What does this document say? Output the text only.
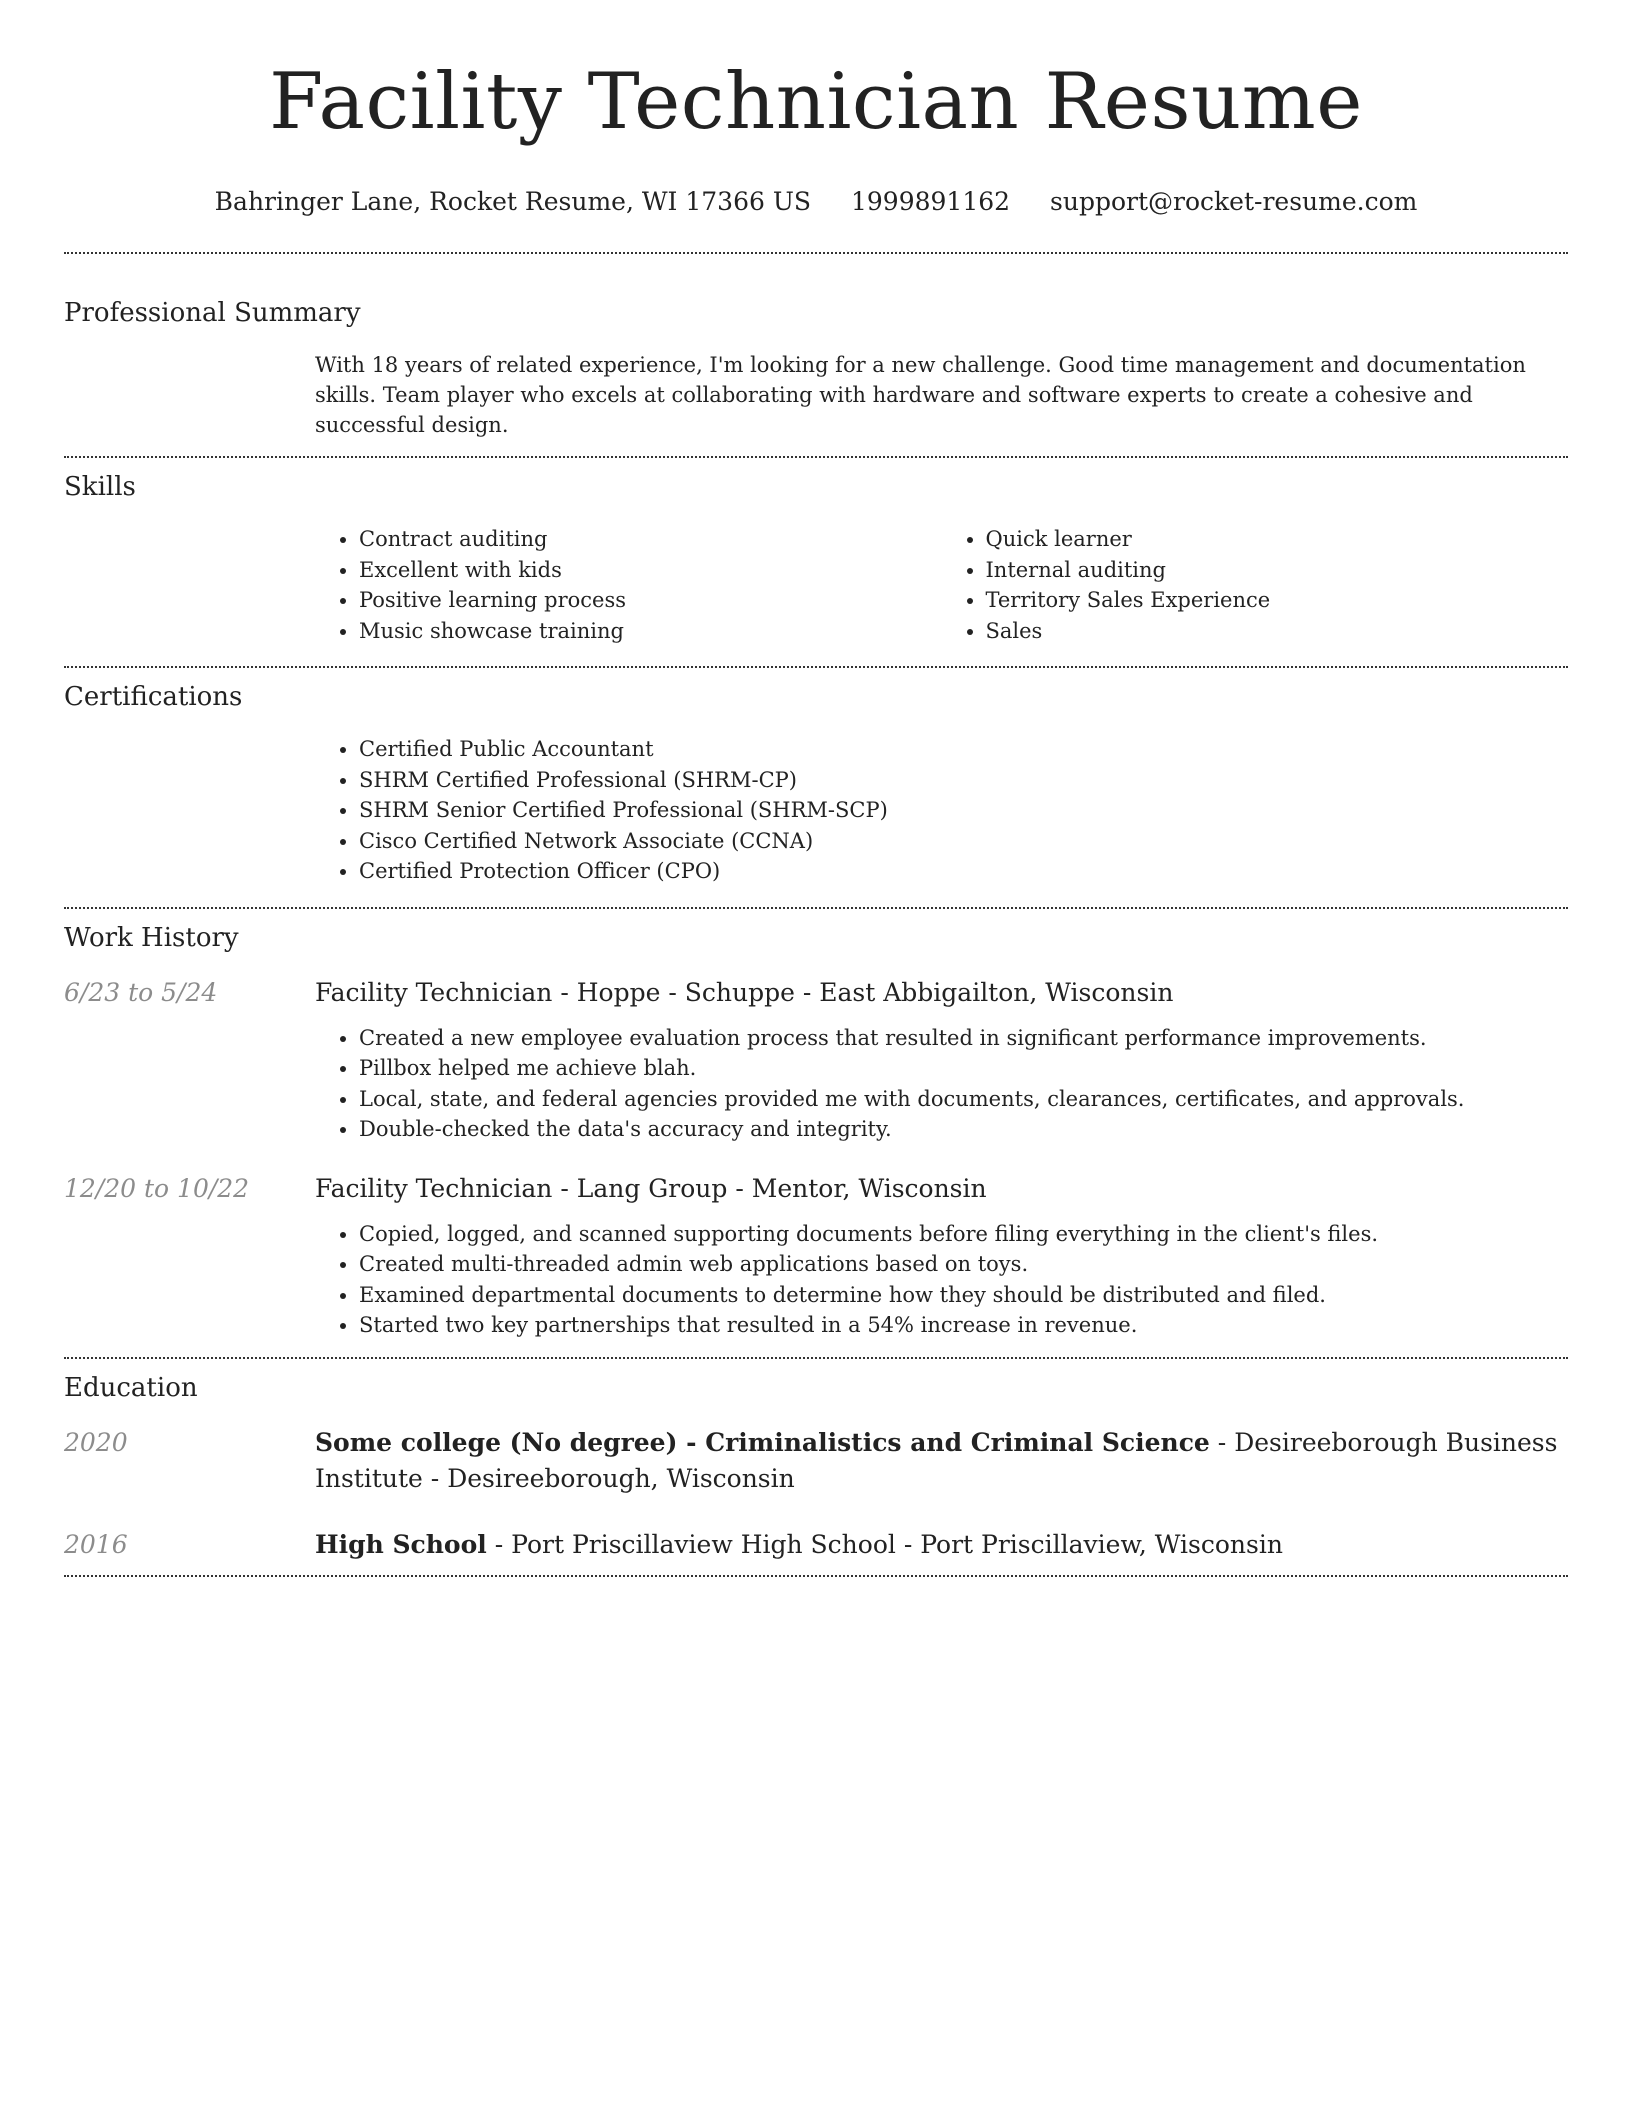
Facility Technician Resume
Bahringer Lane, Rocket Resume, WI 17366 US 1999891162 support@rocket-resume.com
Professional Summary
With 18 years of related experience, I'm looking for a new challenge. Good time management and documentation skills. Team player who excels at collaborating with hardware and software experts to create a cohesive and successful design.
Skills
• Contract auditing
• Excellent with kids
• Positive learning process
• Music showcase training
• Quick learner
• Internal auditing
• Territory Sales Experience
• Sales
Certifications
• Certified Public Accountant
• SHRM Certified Professional (SHRM-CP)
• SHRM Senior Certified Professional (SHRM-SCP)
• Cisco Certified Network Associate (CCNA)
• Certified Protection Officer (CPO)
Work History
6/23 to 5/24	Facility Technician - Hoppe - Schuppe - East Abbigailton, Wisconsin
• Created a new employee evaluation process that resulted in significant performance improvements.
• Pillbox helped me achieve blah.
• Local, state, and federal agencies provided me with documents, clearances, certificates, and approvals.
• Double-checked the data's accuracy and integrity.
12/20 to 10/22	Facility Technician - Lang Group - Mentor, Wisconsin
• Copied, logged, and scanned supporting documents before filing everything in the client's files.
• Created multi-threaded admin web applications based on toys.
• Examined departmental documents to determine how they should be distributed and filed.
• Started two key partnerships that resulted in a 54% increase in revenue.
Education
2020	Some college (No degree) - Criminalistics and Criminal Science - Desireeborough Business Institute - Desireeborough, Wisconsin
2016	High School - Port Priscillaview High School - Port Priscillaview, Wisconsin
